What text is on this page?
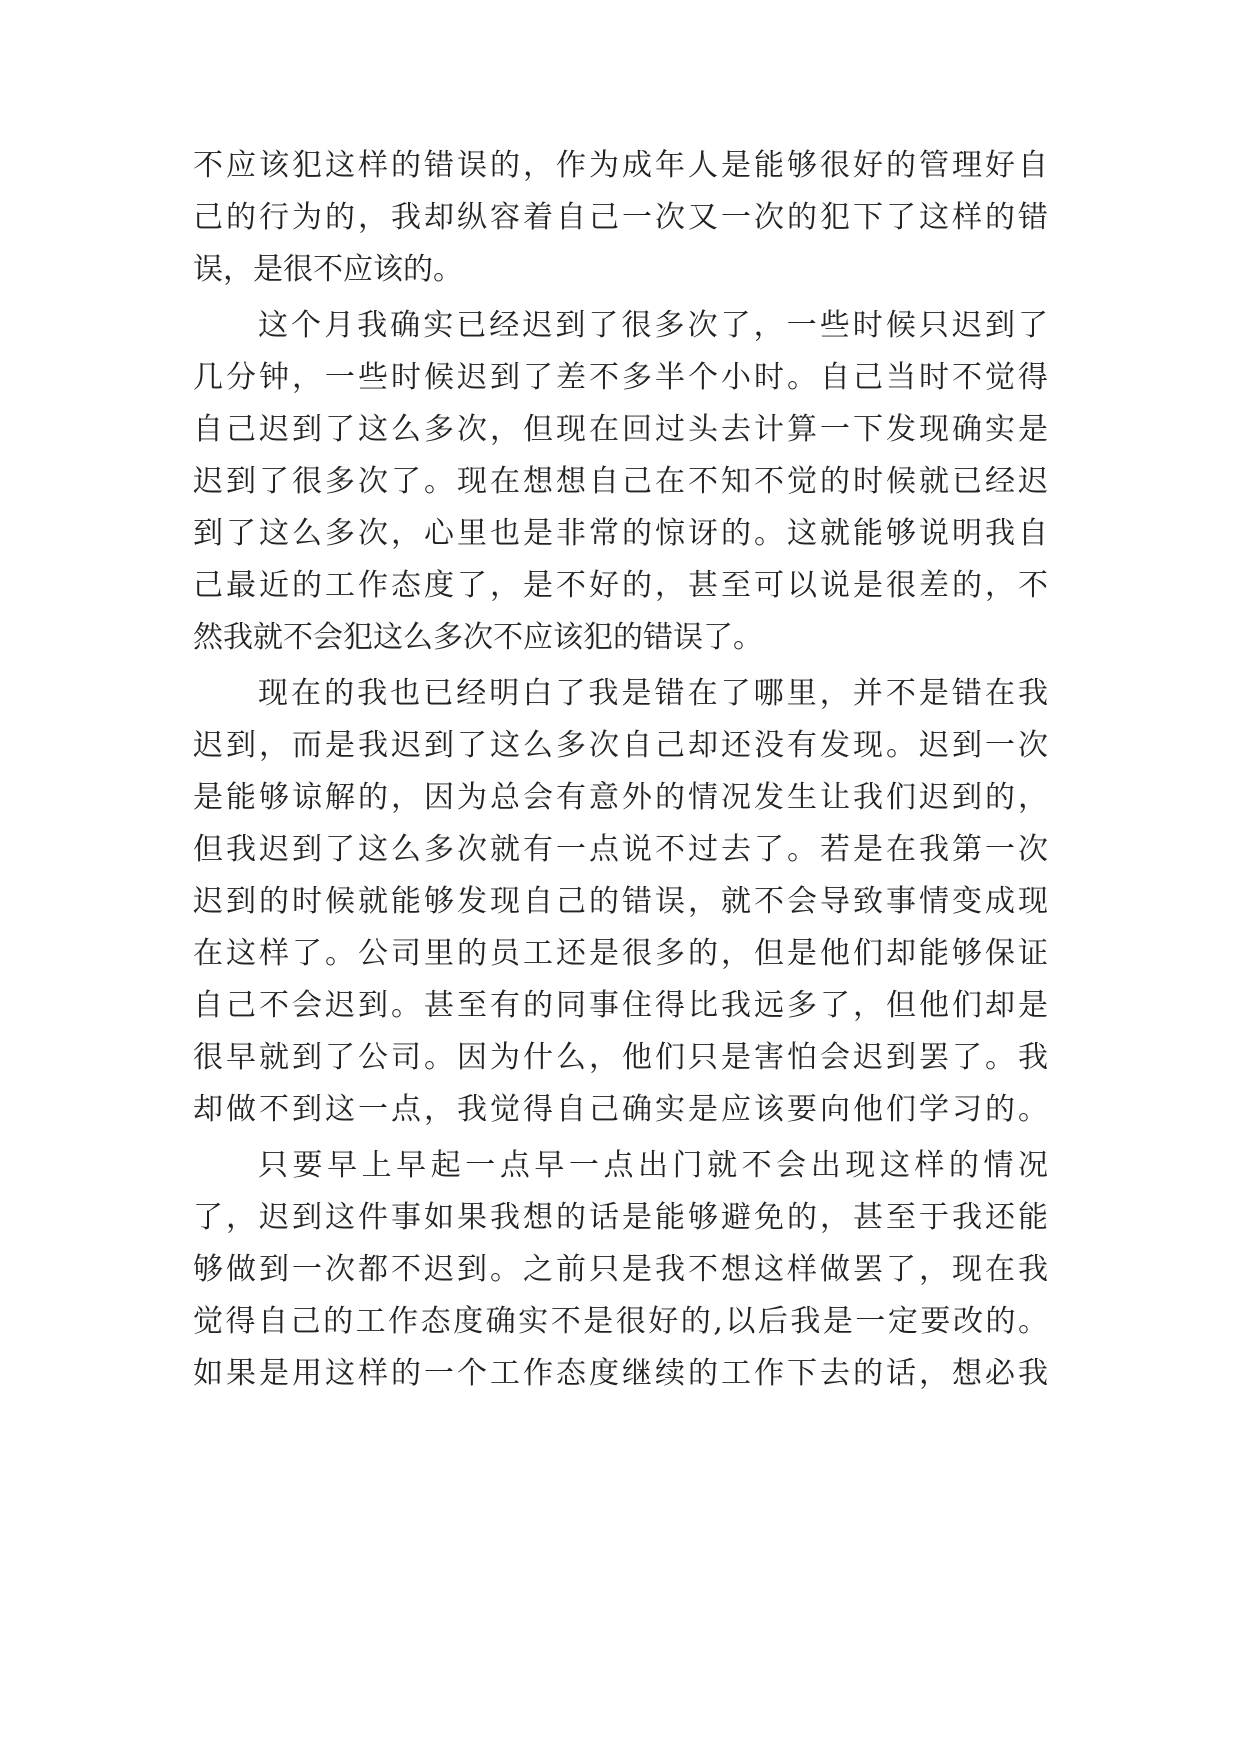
不应该犯这样的错误的，作为成年人是能够很好的管理好自
己的行为的，我却纵容着自己一次又一次的犯下了这样的错
误，是很不应该的。
这个月我确实已经迟到了很多次了，一些时候只迟到了
几分钟，一些时候迟到了差不多半个小时。自己当时不觉得
自己迟到了这么多次，但现在回过头去计算一下发现确实是
迟到了很多次了。现在想想自己在不知不觉的时候就已经迟
到了这么多次，心里也是非常的惊讶的。这就能够说明我自
己最近的工作态度了，是不好的，甚至可以说是很差的，不
然我就不会犯这么多次不应该犯的错误了。
现在的我也已经明白了我是错在了哪里，并不是错在我
迟到，而是我迟到了这么多次自己却还没有发现。迟到一次
是能够谅解的，因为总会有意外的情况发生让我们迟到的，
但我迟到了这么多次就有一点说不过去了。若是在我第一次
迟到的时候就能够发现自己的错误，就不会导致事情变成现
在这样了。公司里的员工还是很多的，但是他们却能够保证
自己不会迟到。甚至有的同事住得比我远多了，但他们却是
很早就到了公司。因为什么，他们只是害怕会迟到罢了。我
却做不到这一点，我觉得自己确实是应该要向他们学习的。
只要早上早起一点早一点出门就不会出现这样的情况
了，迟到这件事如果我想的话是能够避免的，甚至于我还能
够做到一次都不迟到。之前只是我不想这样做罢了，现在我
觉得自己的工作态度确实不是很好的,以后我是一定要改的。
如果是用这样的一个工作态度继续的工作下去的话，想必我
